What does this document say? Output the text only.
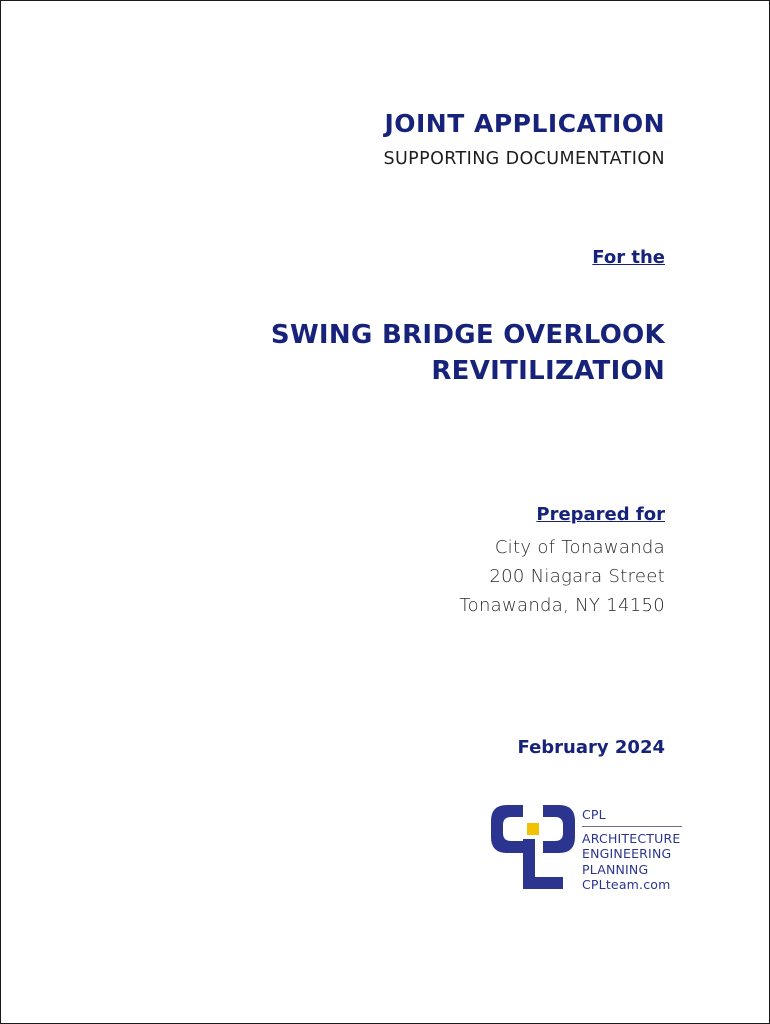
JOINT APPLICATION
SUPPORTING DOCUMENTATION
For the
SWING BRIDGE OVERLOOK
REVITILIZATION
Prepared for
City of Tonawanda
200 Niagara Street
Tonawanda, NY 14150
February 2024
CPL
ARCHITECTURE
ENGINEERING
PLANNING
CPLteam.com
